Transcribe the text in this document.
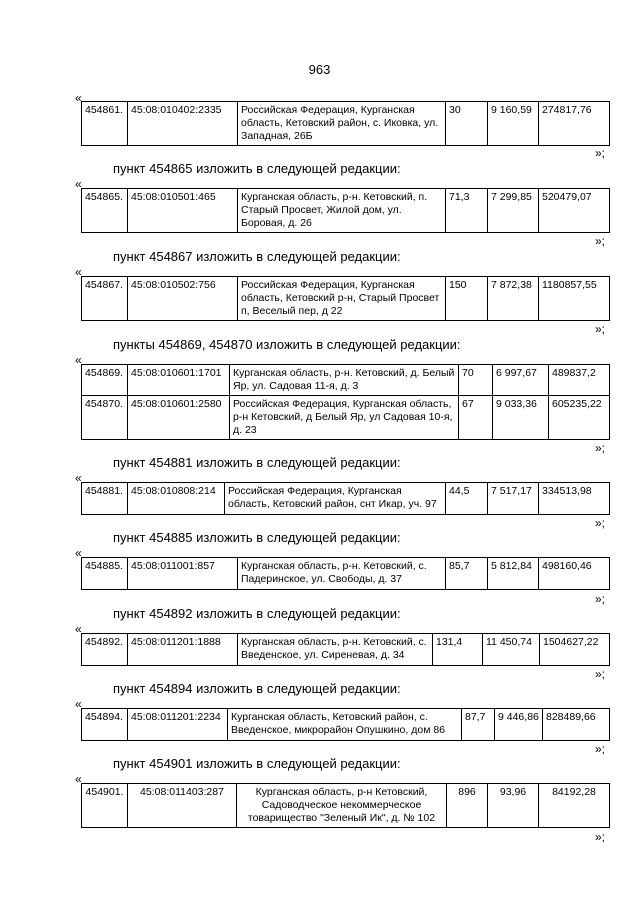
963
«
454861.	45:08:010402:2335	Российская Федерация, Курганская область, Кетовский район, с. Иковка, ул. Западная, 26Б	30	9 160,59	274817,76
»;
пункт 454865 изложить в следующей редакции:
«
454865.	45:08:010501:465	Курганская область, р-н. Кетовский, п. Старый Просвет, Жилой дом, ул. Боровая, д. 26	71,3	7 299,85	520479,07
»;
пункт 454867 изложить в следующей редакции:
«
454867.	45:08:010502:756	Российская Федерация, Курганская область, Кетовский р-н, Старый Просвет п, Веселый пер, д 22	150	7 872,38	1180857,55
»;
пункты 454869, 454870 изложить в следующей редакции:
«
454869.	45:08:010601:1701	Курганская область, р-н. Кетовский, д. Белый Яр, ул. Садовая 11-я, д. 3	70	6 997,67	489837,2
454870.	45:08:010601:2580	Российская Федерация, Курганская область, р-н Кетовский, д Белый Яр, ул Садовая 10-я, д. 23	67	9 033,36	605235,22
»;
пункт 454881 изложить в следующей редакции:
«
454881.	45:08:010808:214	Российская Федерация, Курганская область, Кетовский район, снт Икар, уч. 97	44,5	7 517,17	334513,98
»;
пункт 454885 изложить в следующей редакции:
«
454885.	45:08:011001:857	Курганская область, р-н. Кетовский, с. Падеринское, ул. Свободы, д. 37	85,7	5 812,84	498160,46
»;
пункт 454892 изложить в следующей редакции:
«
454892.	45:08:011201:1888	Курганская область, р-н. Кетовский, с. Введенское, ул. Сиреневая, д. 34	131,4	11 450,74	1504627,22
»;
пункт 454894 изложить в следующей редакции:
«
454894.	45:08:011201:2234	Курганская область, Кетовский район, с. Введенское, микрорайон Опушкино, дом 86	87,7	9 446,86	828489,66
»;
пункт 454901 изложить в следующей редакции:
«
454901.	45:08:011403:287	Курганская область, р-н Кетовский, Садоводческое некоммерческое товарищество "Зеленый Ик", д. № 102	896	93,96	84192,28
»;
